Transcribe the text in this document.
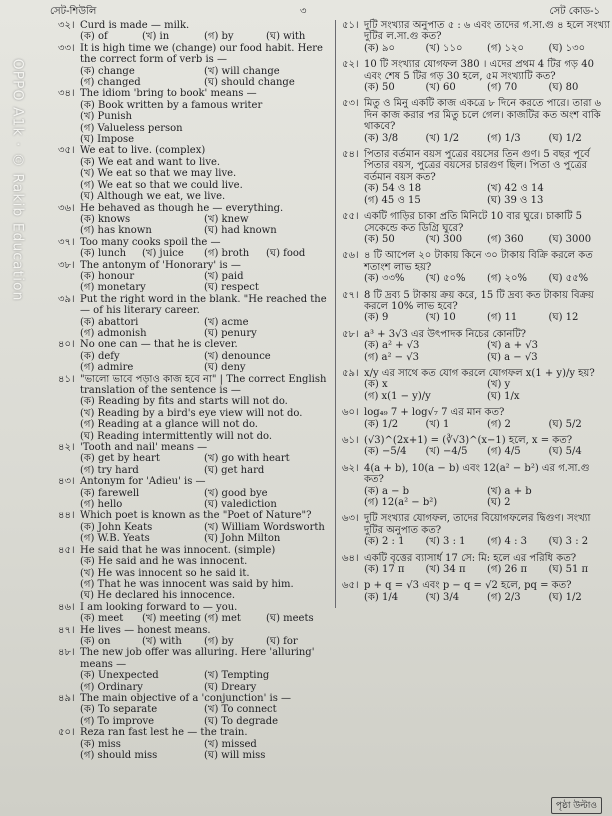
OPPO A1k · © Rakib Education
সেট-শিউলি	৩	সেট কোড-১
৩২। Curd is made — milk.
(ক) of	(খ) in	(গ) by	(ঘ) with
৩৩। It is high time we (change) our food habit. Here the correct form of verb is —
(ক) change	(খ) will change
(গ) changed	(ঘ) should change
৩৪। The idiom 'bring to book' means —
(ক) Book written by a famous writer
(খ) Punish
(গ) Valueless person
(ঘ) Impose
৩৫। We eat to live. (complex)
(ক) We eat and want to live.
(খ) We eat so that we may live.
(গ) We eat so that we could live.
(ঘ) Although we eat, we live.
৩৬। He behaved as though he — everything.
(ক) knows	(খ) knew
(গ) has known	(ঘ) had known
৩৭। Too many cooks spoil the —
(ক) lunch	(খ) juice	(গ) broth	(ঘ) food
৩৮। The antonym of 'Honorary' is —
(ক) honour	(খ) paid
(গ) monetary	(ঘ) respect
৩৯। Put the right word in the blank. "He reached the — of his literary career.
(ক) abattori	(খ) acme
(গ) admonish	(ঘ) penury
৪০। No one can — that he is clever.
(ক) defy	(খ) denounce
(গ) admire	(ঘ) deny
৪১। "ভালো ভাবে পড়াও কাজ হবে না" | The correct English translation of the sentence is —
(ক) Reading by fits and starts will not do.
(খ) Reading by a bird's eye view will not do.
(গ) Reading at a glance will not do.
(ঘ) Reading intermittently will not do.
৪২। 'Tooth and nail' means —
(ক) get by heart	(খ) go with heart
(গ) try hard	(ঘ) get hard
৪৩। Antonym for 'Adieu' is —
(ক) farewell	(খ) good bye
(গ) hello	(ঘ) valediction
৪৪। Which poet is known as the "Poet of Nature"?
(ক) John Keats	(খ) William Wordsworth
(গ) W.B. Yeats	(ঘ) John Milton
৪৫। He said that he was innocent. (simple)
(ক) He said and he was innocent.
(খ) He was innocent so he said it.
(গ) That he was innocent was said by him.
(ঘ) He declared his innocence.
৪৬। I am looking forward to — you.
(ক) meet	(খ) meeting (গ) met	(ঘ) meets
৪৭। He lives — honest means.
(ক) on	(খ) with	(গ) by	(ঘ) for
৪৮। The new job offer was alluring. Here 'alluring' means —
(ক) Unexpected	(খ) Tempting
(গ) Ordinary	(ঘ) Dreary
৪৯। The main objective of a 'conjunction' is —
(ক) To separate	(খ) To connect
(গ) To improve	(ঘ) To degrade
৫০। Reza ran fast lest he — the train.
(ক) miss	(খ) missed
(গ) should miss	(ঘ) will miss
৫১। দুটি সংখ্যার অনুপাত ৫ : ৬ এবং তাদের গ.সা.গু ৪ হলে সংখ্যা দুটির ল.সা.গু কত?
(ক) ৯০	(খ) ১১০	(গ) ১২০	(ঘ) ১৩০
৫২। 10 টি সংখ্যার যোগফল 380 । এদের প্রথম 4 টির গড় 40 এবং শেষ 5 টির গড় 30 হলে, ৫ম সংখ্যাটি কত?
(ক) 50	(খ) 60	(গ) 70	(ঘ) 80
৫৩। মিতু ও মিনু একটি কাজ একত্রে ৮ দিনে করতে পারে। তারা ৬ দিন কাজ করার পর মিতু চলে গেল। কাজটির কত অংশ বাকি থাকবে?
(ক) 3/8	(খ) 1/2	(গ) 1/3	(ঘ) 1/2
৫৪। পিতার বর্তমান বয়স পুত্রের বয়সের তিন গুণ। 5 বছর পূর্বে পিতার বয়স, পুত্রের বয়সের চারগুণ ছিল। পিতা ও পুত্রের বর্তমান বয়স কত?
(ক) 54 ও 18	(খ) 42 ও 14
(গ) 45 ও 15	(ঘ) 39 ও 13
৫৫। একটি গাড়ির চাকা প্রতি মিনিটে 10 বার ঘুরে। চাকাটি 5 সেকেন্ডে কত ডিগ্রি ঘুরে?
(ক) 50	(খ) 300	(গ) 360	(ঘ) 3000
৫৬। ৪ টি আপেল ২০ টাকায় কিনে ৩০ টাকায় বিক্রি করলে কত শতাংশ লাভ হয়?
(ক) ৩৩%	(খ) ৫০%	(গ) ২০%	(ঘ) ৫৫%
৫৭। 8 টি দ্রব্য 5 টাকায় ক্রয় করে, 15 টি দ্রব্য কত টাকায় বিক্রয় করলে 10% লাভ হবে?
(ক) 9	(খ) 10	(গ) 11	(ঘ) 12
৫৮। a³ + 3√3 এর উৎপাদক নিচের কোনটি?
(ক) a² + √3	(খ) a + √3
(গ) a² − √3	(ঘ) a − √3
৫৯। x/y এর সাথে কত যোগ করলে যোগফল x(1 + y)/y হয়?
(ক) x	(খ) y
(গ) x(1 − y)/y	(ঘ) 1/x
৬০। log₄₉ 7 + log√₇ 7 এর মান কত?
(ক) 1/2	(খ) 1	(গ) 2	(ঘ) 5/2
৬১। (√3)^(2x+1) = (∛√3)^(x−1) হলে, x = কত?
(ক) −5/4	(খ) −4/5	(গ) 4/5	(ঘ) 5/4
৬২। 4(a + b), 10(a − b) এবং 12(a² − b²) এর গ.সা.গু কত?
(ক) a − b	(খ) a + b
(গ) 12(a² − b²)	(ঘ) 2
৬৩। দুটি সংখ্যার যোগফল, তাদের বিয়োগফলের দ্বিগুণ। সংখ্যা দুটির অনুপাত কত?
(ক) 2 : 1	(খ) 3 : 1	(গ) 4 : 3	(ঘ) 3 : 2
৬৪। একটি বৃত্তের ব্যাসার্ধ 17 সে: মি: হলে এর পরিধি কত?
(ক) 17 π	(খ) 34 π	(গ) 26 π	(ঘ) 51 π
৬৫। p + q = √3 এবং p − q = √2 হলে, pq = কত?
(ক) 1/4	(খ) 3/4	(গ) 2/3	(ঘ) 1/2
পৃষ্ঠা উল্টাও
